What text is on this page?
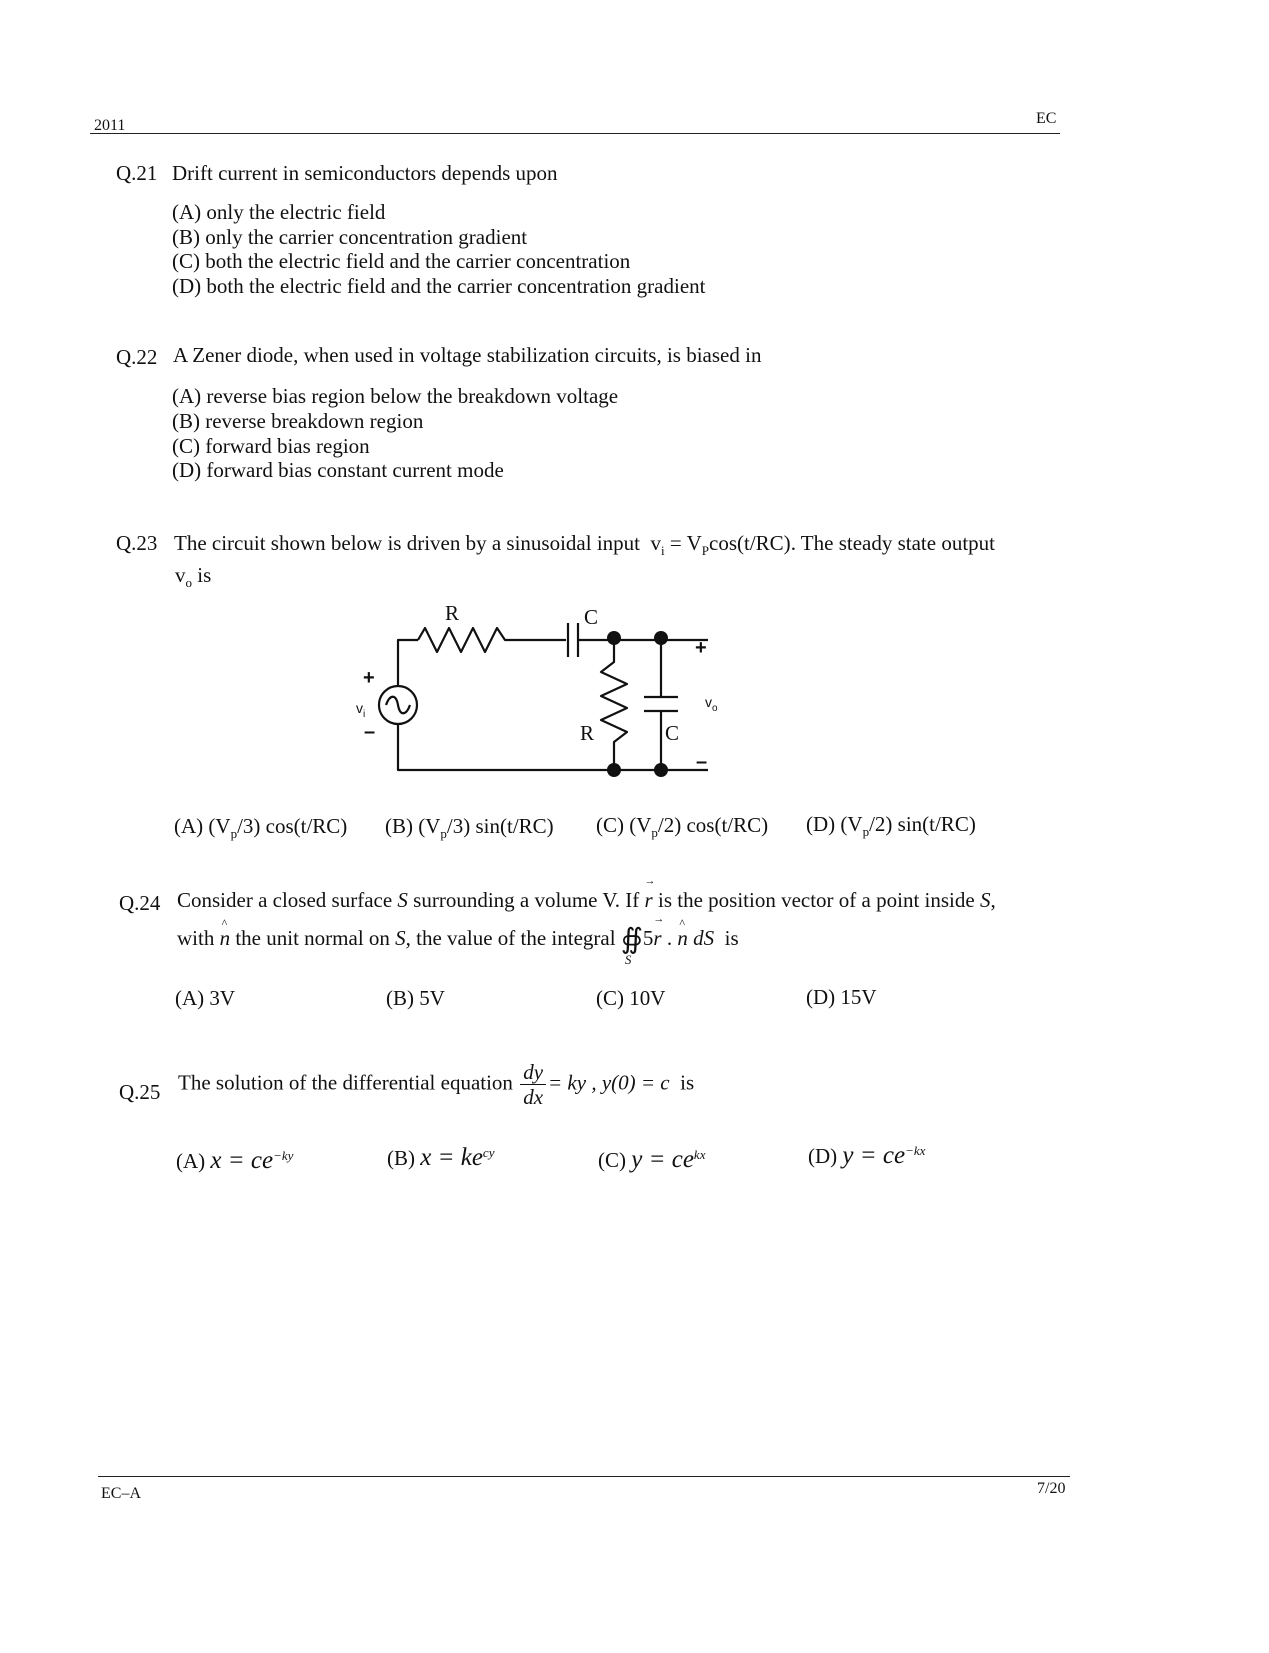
2011	EC
Q.21 Drift current in semiconductors depends upon
(A) only the electric field
(B) only the carrier concentration gradient
(C) both the electric field and the carrier concentration
(D) both the electric field and the carrier concentration gradient
Q.22 A Zener diode, when used in voltage stabilization circuits, is biased in
(A) reverse bias region below the breakdown voltage
(B) reverse breakdown region
(C) forward bias region
(D) forward bias constant current mode
Q.23 The circuit shown below is driven by a sinusoidal input $v_i = V_P\cos(t/RC)$. The steady state output
$v_o$ is
R	C
R	C
+
–
+
–
$v_i$
$v_o$
(A) $(V_p/3)$ cos(t/RC) (B) $(V_p/3)$ sin(t/RC) (C) $(V_p/2)$ cos(t/RC) (D) $(V_p/2)$ sin(t/RC)
Q.24 Consider a closed surface S surrounding a volume V. If → r is the position vector of a point inside S,
with ^ n the unit normal on S, the value of the integral ∯5→ r . ^ n dS
S
is
(A) 3V	(B) 5V	(C) 10V	(D) 15V
Q.25 The solution of the differential equation $\frac{dy}{dx}$ = ky , y(0) = c is
(A) $x = ce^{-ky}$	(B) $x = ke^{cy}$	(C) $y = ce^{kx}$	(D) $y = ce^{-kx}$
EC–A	7/20
